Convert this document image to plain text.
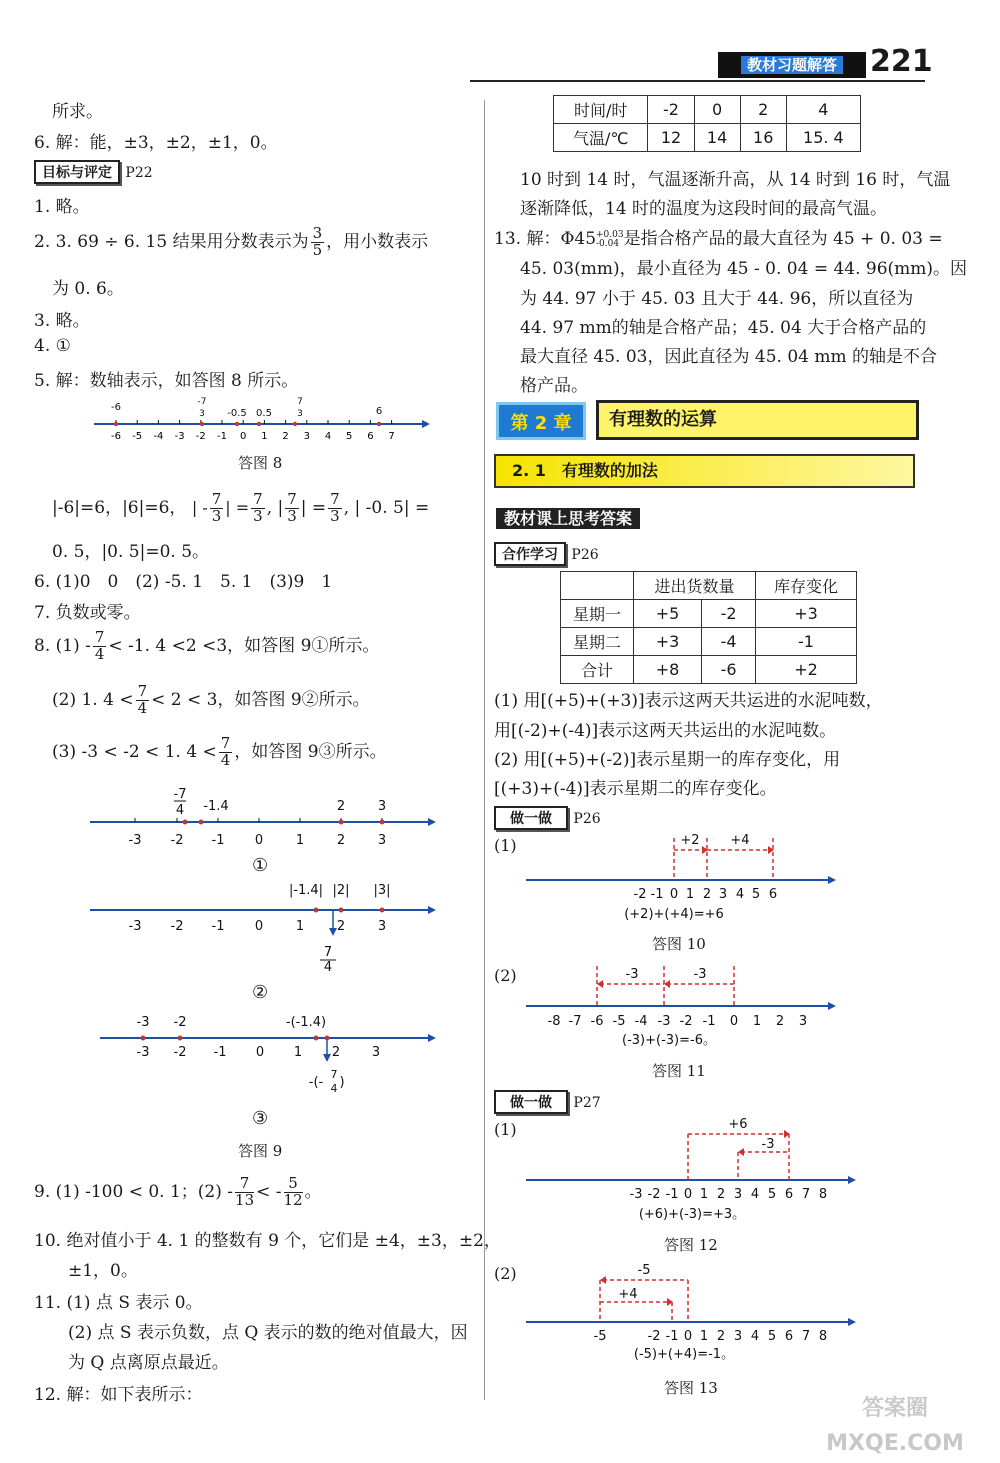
教材习题解答	221
所求。
6. 解：能，±3，±2，±1，0。
目标与评定 P22
1. 略。
2. 3. 69 ÷ 6. 15 结果用分数表示为 $\frac{3}{5}$ ，用小数表示
为 0. 6。
3. 略。
4. ①
5. 解：数轴表示，如答图 8 所示。
-6 -5 -4 -3 -2 -1 0 1 2 3 4 5 6 7
-6	-7
3 -0.5 0.5
7
3	6
答图 8
|-6|=6，|6|=6， | - $\frac{7}{3}$ | = $\frac{7}{3}$ , | $\frac{7}{3}$ | = $\frac{7}{3}$ , | -0. 5| =
0. 5，|0. 5|=0. 5。
6. (1)0　0　(2) -5. 1　5. 1　(3)9　1
7. 负数或零。
8. $(1) - \frac{7}{4} < -1$. 4 <2 <3，如答图 9①所示。
(2) 1. $4 < \frac{7}{4} < 2 < 3$，如答图 9②所示。
(3) -3 < -2 < 1. $4 < \frac{7}{4}$ ，如答图 9③所示。
-3 -2 -1 0	1	2	3
-7
4 -1.4	2	3
①
-3 -2 -1 0	1	2	3
|-1.4| |2| |3|
7
4
②
-3 -2 -1 0 1 2 3
-3 -2	-(-1.4)
-(-
7
4 )
③
答图 9
9. (1) -100 < 0. 1；$(2) - \frac{7}{13}$ < - $\frac{5}{12}$ 。
10. 绝对值小于 4. 1 的整数有 9 个，它们是 ±4，±3，±2，
±1，0。
11. (1) 点 S 表示 0。
(2) 点 S 表示负数，点 Q 表示的数的绝对值最大，因
为 Q 点离原点最近。
12. 解：如下表所示：
时间/时	-2	0	2	4
气温/℃	12	14	16	15. 4
10 时到 14 时，气温逐渐升高，从 14 时到 16 时，气温
逐渐降低，14 时的温度为这段时间的最高气温。
13. 解：Φ45 +0.03
-0.04 是指合格产品的最大直径为 45 + 0. 03 =
45. 03(mm)，最小直径为 45 - 0. 04 = 44. 96(mm)。因
为 44. 97 小于 45. 03 且大于 44. 96，所以直径为
44. 97 mm的轴是合格产品；45. 04 大于合格产品的
最大直径 45. 03，因此直径为 45. 04 mm 的轴是不合
格产品。
第 2 章	有理数的运算
2. 1　有理数的加法
教材课上思考答案
合作学习 P26
	进出货数量		库存变化
星期一	+5	-2	+3
星期二	+3	-4	-1
合计	+8	-6	+2
(1) 用[(+5)+(+3)]表示这两天共运进的水泥吨数，
用[(-2)+(-4)]表示这两天共运出的水泥吨数。
(2) 用[(+5)+(-2)]表示星期一的库存变化，用
[(+3)+(-4)]表示星期二的库存变化。
做一做 P26
(1)
-2 -1 0 1 2 3 4 5 6
+2 +4
(+2)+(+4)=+6
答图 10
(2)
-8 -7 -6 -5 -4 -3 -2 -1 0 1 2 3
-3	-3
(-3)+(-3)=-6。
答图 11
做一做 P27
(1)
-3 -2 -1 0 1 2 3 4 5 6 7 8
+6
-3
(+6)+(-3)=+3。
答图 12
(2)
-5	-2 -1 0 1 2 3 4 5 6 7 8
-5
+4
(-5)+(+4)=-1。
答图 13
答案圈 MXQE.COM
